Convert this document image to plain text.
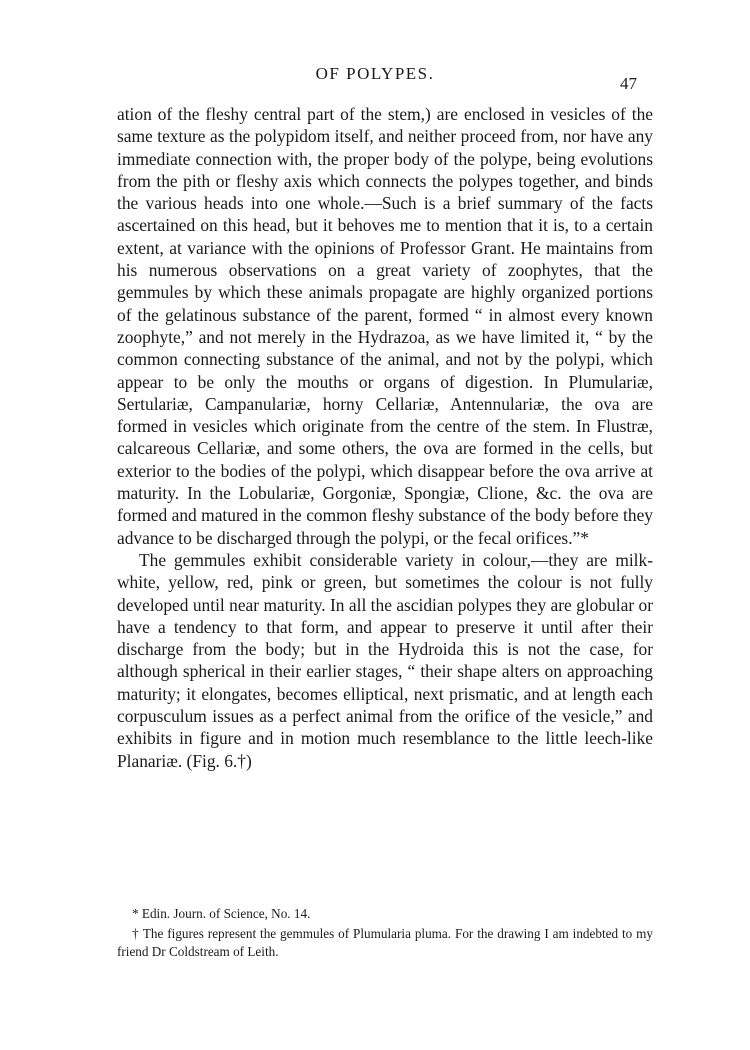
OF POLYPES.
47

ation of the fleshy central part of the stem,) are enclosed in vesicles of the same texture as the polypidom itself, and neither proceed from, nor have any immediate connection with, the proper body of the polype, being evolutions from the pith or fleshy axis which connects the polypes together, and binds the various heads into one whole.—Such is a brief summary of the facts ascertained on this head, but it behoves me to mention that it is, to a certain extent, at variance with the opinions of Professor Grant. He maintains from his numerous observations on a great variety of zoophytes, that the gemmules by which these animals propagate are highly organized portions of the gelatinous substance of the parent, formed “ in almost every known zoophyte,” and not merely in the Hydrazoa, as we have limited it, “ by the common connecting substance of the animal, and not by the polypi, which appear to be only the mouths or organs of digestion. In Plumulariæ, Sertulariæ, Campanulariæ, horny Cellariæ, Antennulariæ, the ova are formed in vesicles which originate from the centre of the stem. In Flustræ, calcareous Cellariæ, and some others, the ova are formed in the cells, but exterior to the bodies of the polypi, which disappear before the ova arrive at maturity. In the Lobulariæ, Gorgoniæ, Spongiæ, Clione, &c. the ova are formed and matured in the common fleshy substance of the body before they advance to be discharged through the polypi, or the fecal orifices.”*

The gemmules exhibit considerable variety in colour,—they are milk-white, yellow, red, pink or green, but sometimes the colour is not fully developed until near maturity. In all the ascidian polypes they are globular or have a tendency to that form, and appear to preserve it until after their discharge from the body; but in the Hydroida this is not the case, for although spherical in their earlier stages, “ their shape alters on approaching maturity; it elongates, becomes elliptical, next prismatic, and at length each corpusculum issues as a perfect animal from the orifice of the vesicle,” and exhibits in figure and in motion much resemblance to the little leech-like Planariæ. (Fig. 6.†)

* Edin. Journ. of Science, No. 14.

† The figures represent the gemmules of Plumularia pluma. For the drawing I am indebted to my friend Dr Coldstream of Leith.
